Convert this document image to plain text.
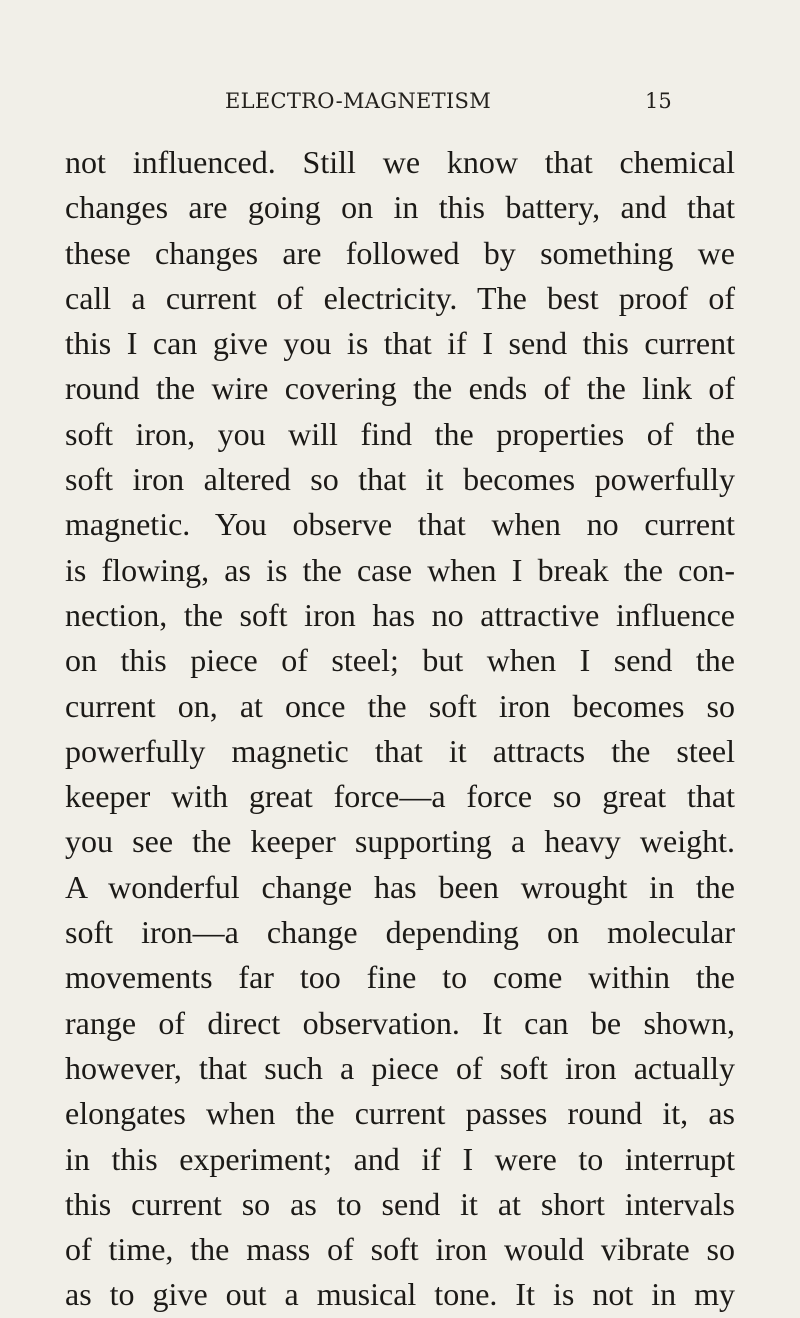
ELECTRO-MAGNETISM	15
not influenced. Still we know that chemical
changes are going on in this battery, and that
these changes are followed by something we
call a current of electricity. The best proof of
this I can give you is that if I send this current
round the wire covering the ends of the link of
soft iron, you will find the properties of the
soft iron altered so that it becomes powerfully
magnetic. You observe that when no current
is flowing, as is the case when I break the con-
nection, the soft iron has no attractive influence
on this piece of steel; but when I send the
current on, at once the soft iron becomes so
powerfully magnetic that it attracts the steel
keeper with great force—a force so great that
you see the keeper supporting a heavy weight.
A wonderful change has been wrought in the
soft iron—a change depending on molecular
movements far too fine to come within the
range of direct observation. It can be shown,
however, that such a piece of soft iron actually
elongates when the current passes round it, as
in this experiment; and if I were to interrupt
this current so as to send it at short intervals
of time, the mass of soft iron would vibrate so
as to give out a musical tone. It is not in my
